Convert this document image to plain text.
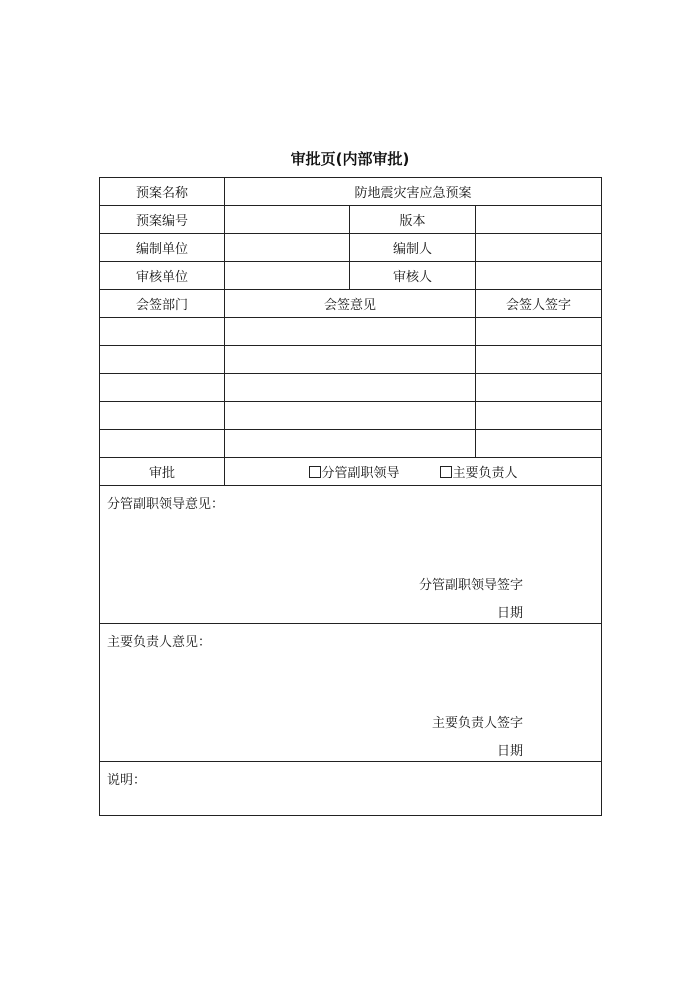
审批页(内部审批)
预案名称	防地震灾害应急预案		
预案编号		版本	
编制单位		编制人	
审核单位		审核人	
会签部门	会签意见		会签人签字

审批	分管副职领导 主要负责人		

分管副职领导意见：
分管副职领导签字
日期			

主要负责人意见：
主要负责人签字
日期			

说明：			
